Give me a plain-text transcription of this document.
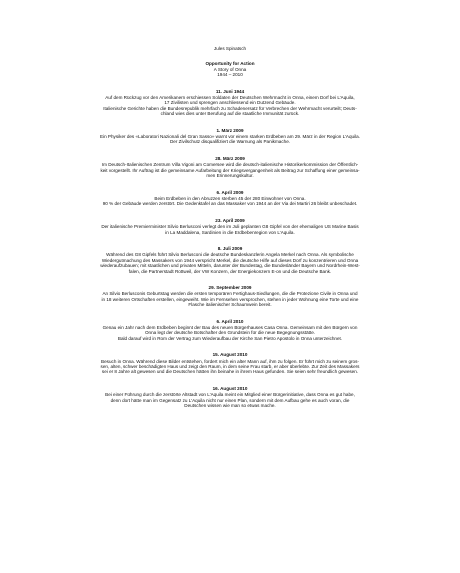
Jules Spinatsch
Opportunity for Action
A Story of Onna
1944 – 2010
11. Juni 1944
Auf dem Rückzug vor den Amerikanern erschiessen Soldaten der Deutschen Wehrmacht in Onna, einem Dorf bei L’Aquila,
17 Zivilisten und sprengen anschliessend ein Dutzend Gebäude.
Italienische Gerichte haben die Bundesrepublik mehrfach zu Schadenersatz für Verbrechen der Wehrmacht verurteilt; Deuts-
chland wies dies unter Berufung auf die staatliche Immunität zurück.
1. März 2009
Ein Physiker des «Laboratori Nazionali del Gran Sasso» warnt vor einem starken Erdbeben am 29. März in der Region L’Aquila.
Der Zivilschutz disqualifiziert die Warnung als Panikmache.
28. März 2009
Im Deutsch-Italienischen Zentrum Villa Vigoni am Comersee wird die deutsch-italienische Historikerkommission der Öffentlich-
keit vorgestellt. Ihr Auftrag ist die gemeinsame Aufarbeitung der Kriegsvergangenheit als Beitrag zur Schaffung einer gemeinsa-
men Erinnerungskultur.
6. April 2009
Beim Erdbeben in den Abruzzen sterben 45 der 280 Einwohner von Onna.
90 % der Gebäude werden zerstört. Die Gedenktafel an das Massaker von 1944 an der Via dei Martiri 26 bleibt unbeschadet.
23. April 2009
Der italienische Premierminister Silvio Berlusconi verlegt den im Juli geplanten G8 Gipfel von der ehemaligen US Marine Basis
in La Maddalena, Sardinien in die Erdbebenregion von L’Aquila.
8. Juli 2009
Während des G8 Gipfels führt Silvio Berlusconi die deutsche Bundeskanzlerin Angela Merkel nach Onna. Als symbolische
Wiedergutmachung des Massakers von 1944 verspricht Merkel, die deutsche Hilfe auf dieses Dorf zu konzentrieren und Onna
wiederaufzubauen; mit staatlichen und privaten Mitteln, darunter der Bundestag, die Bundesländer Bayern und Nordrhein-West-
falen, die Partnerstadt Rottweil, der VW Konzern, der Energiekonzern E-on und die Deutsche Bank.
29. September 2009
An Silvio Berlusconis Geburtstag werden die ersten temporären Fertighaus-Siedlungen, die die Protezione Civile in Onna und
in 18 weiteren Ortschaften erstellen, eingeweiht. Wie im Fernsehen versprochen, stehen in jeder Wohnung eine Torte und eine
Flasche italienischer Schaumwein bereit.
6. April 2010
Genau ein Jahr nach dem Erdbeben beginnt der Bau des neuen Bürgerhauses Casa Onna. Gemeinsam mit den Bürgern von
Onna legt der deutsche Botschafter den Grundstein für die neue Begegnungsstätte.
Bald darauf wird in Rom der Vertrag zum Wiederaufbau der Kirche San Pietro Apostolo in Onna unterzeichnet.
15. August 2010
Besuch in Onna. Während diese Bilder entstehen, fordert mich ein alter Mann auf, ihm zu folgen. Er führt mich zu seinem gros-
sen, alten, schwer beschädigten Haus und zeigt den Raum, in dem seine Frau starb, er aber überlebte. Zur Zeit des Massakers
sei er 8 Jahre alt gewesen und die Deutschen hätten ihn beinahe in ihrem Haus gefunden. Sie seien sehr freundlich gewesen.
16. August 2010
Bei einer Führung durch die zerstörte Altstadt von L’Aquila meint ein Mitglied einer Bürgerinitiative, dass Onna es gut habe,
denn dort hätte man im Gegensatz zu L’Aquila nicht nur einen Plan, sondern mit dem Aufbau gehe es auch voran, die
Deutschen wissen wie man so etwas mache.
